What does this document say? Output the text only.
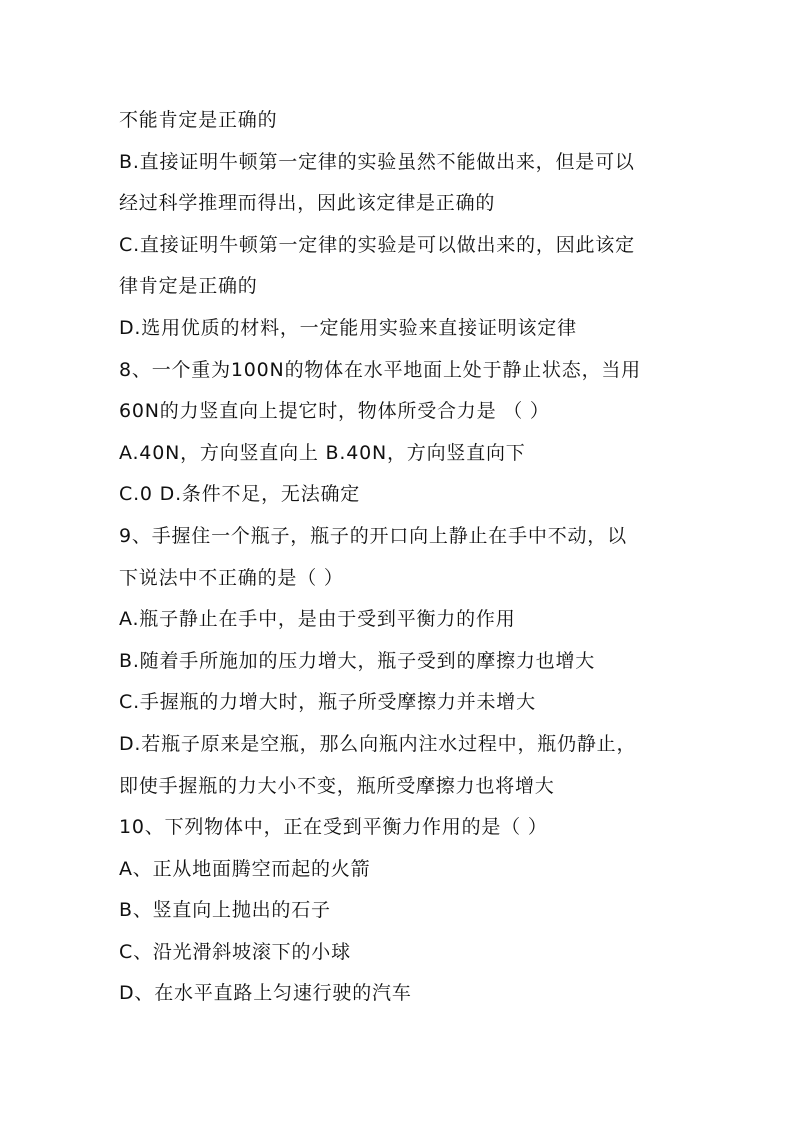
不能肯定是正确的
B.直接证明牛顿第一定律的实验虽然不能做出来，但是可以
经过科学推理而得出，因此该定律是正确的
C.直接证明牛顿第一定律的实验是可以做出来的，因此该定
律肯定是正确的
D.选用优质的材料，一定能用实验来直接证明该定律
8、一个重为100N的物体在水平地面上处于静止状态，当用
60N的力竖直向上提它时，物体所受合力是 （ ）
A.40N，方向竖直向上 B.40N，方向竖直向下
C.0 D.条件不足，无法确定
9、手握住一个瓶子，瓶子的开口向上静止在手中不动，以
下说法中不正确的是（ ）
A.瓶子静止在手中，是由于受到平衡力的作用
B.随着手所施加的压力增大，瓶子受到的摩擦力也增大
C.手握瓶的力增大时，瓶子所受摩擦力并未增大
D.若瓶子原来是空瓶，那么向瓶内注水过程中，瓶仍静止，
即使手握瓶的力大小不变，瓶所受摩擦力也将增大
10、下列物体中，正在受到平衡力作用的是（ ）
A、正从地面腾空而起的火箭
B、竖直向上抛出的石子
C、沿光滑斜坡滚下的小球
D、在水平直路上匀速行驶的汽车
